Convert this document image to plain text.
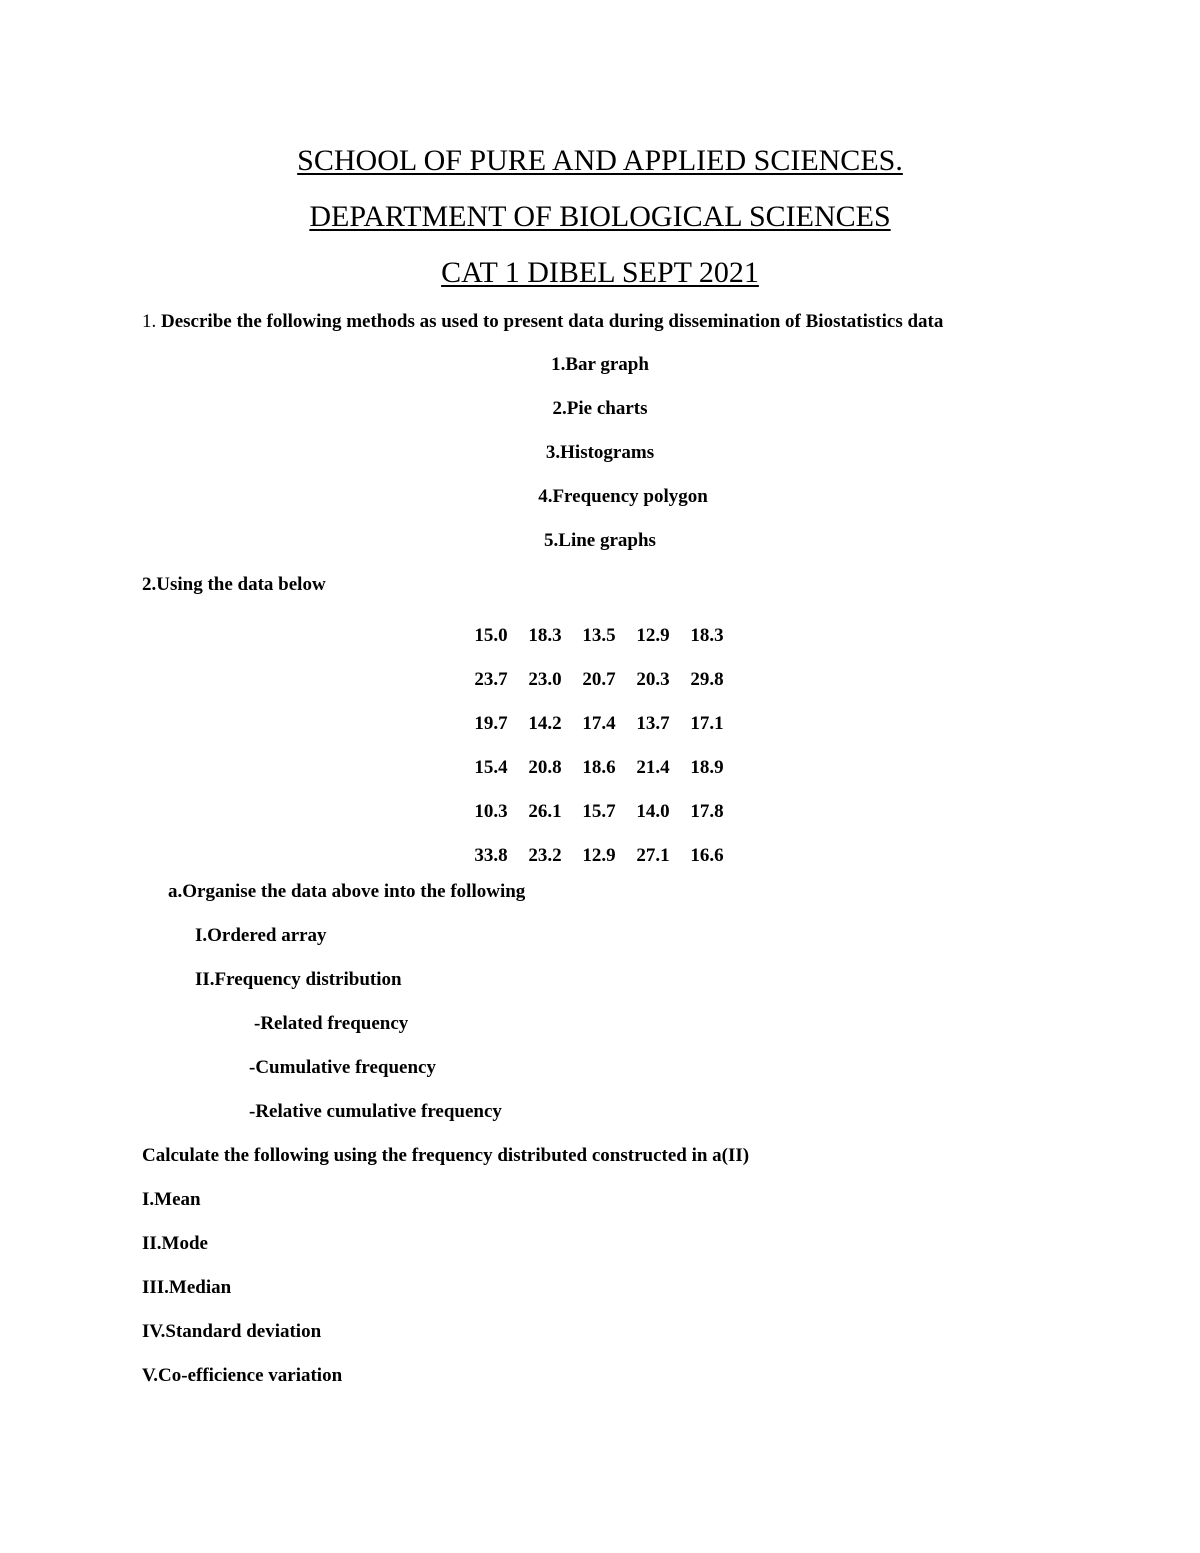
SCHOOL OF PURE AND APPLIED SCIENCES.
DEPARTMENT OF BIOLOGICAL SCIENCES
CAT 1 DIBEL SEPT 2021
1. Describe the following methods as used to present data during dissemination of Biostatistics data
1.Bar graph
2.Pie charts
3.Histograms
4.Frequency polygon
5.Line graphs
2.Using the data below
15.0	18.3	13.5	12.9	18.3
23.7	23.0	20.7	20.3	29.8
19.7	14.2	17.4	13.7	17.1
15.4	20.8	18.6	21.4	18.9
10.3	26.1	15.7	14.0	17.8
33.8	23.2	12.9	27.1	16.6
a.Organise the data above into the following
I.Ordered array
II.Frequency distribution
-Related frequency
-Cumulative frequency
-Relative cumulative frequency
Calculate the following using the frequency distributed constructed in a(II)
I.Mean
II.Mode
III.Median
IV.Standard deviation
V.Co-efficience variation
